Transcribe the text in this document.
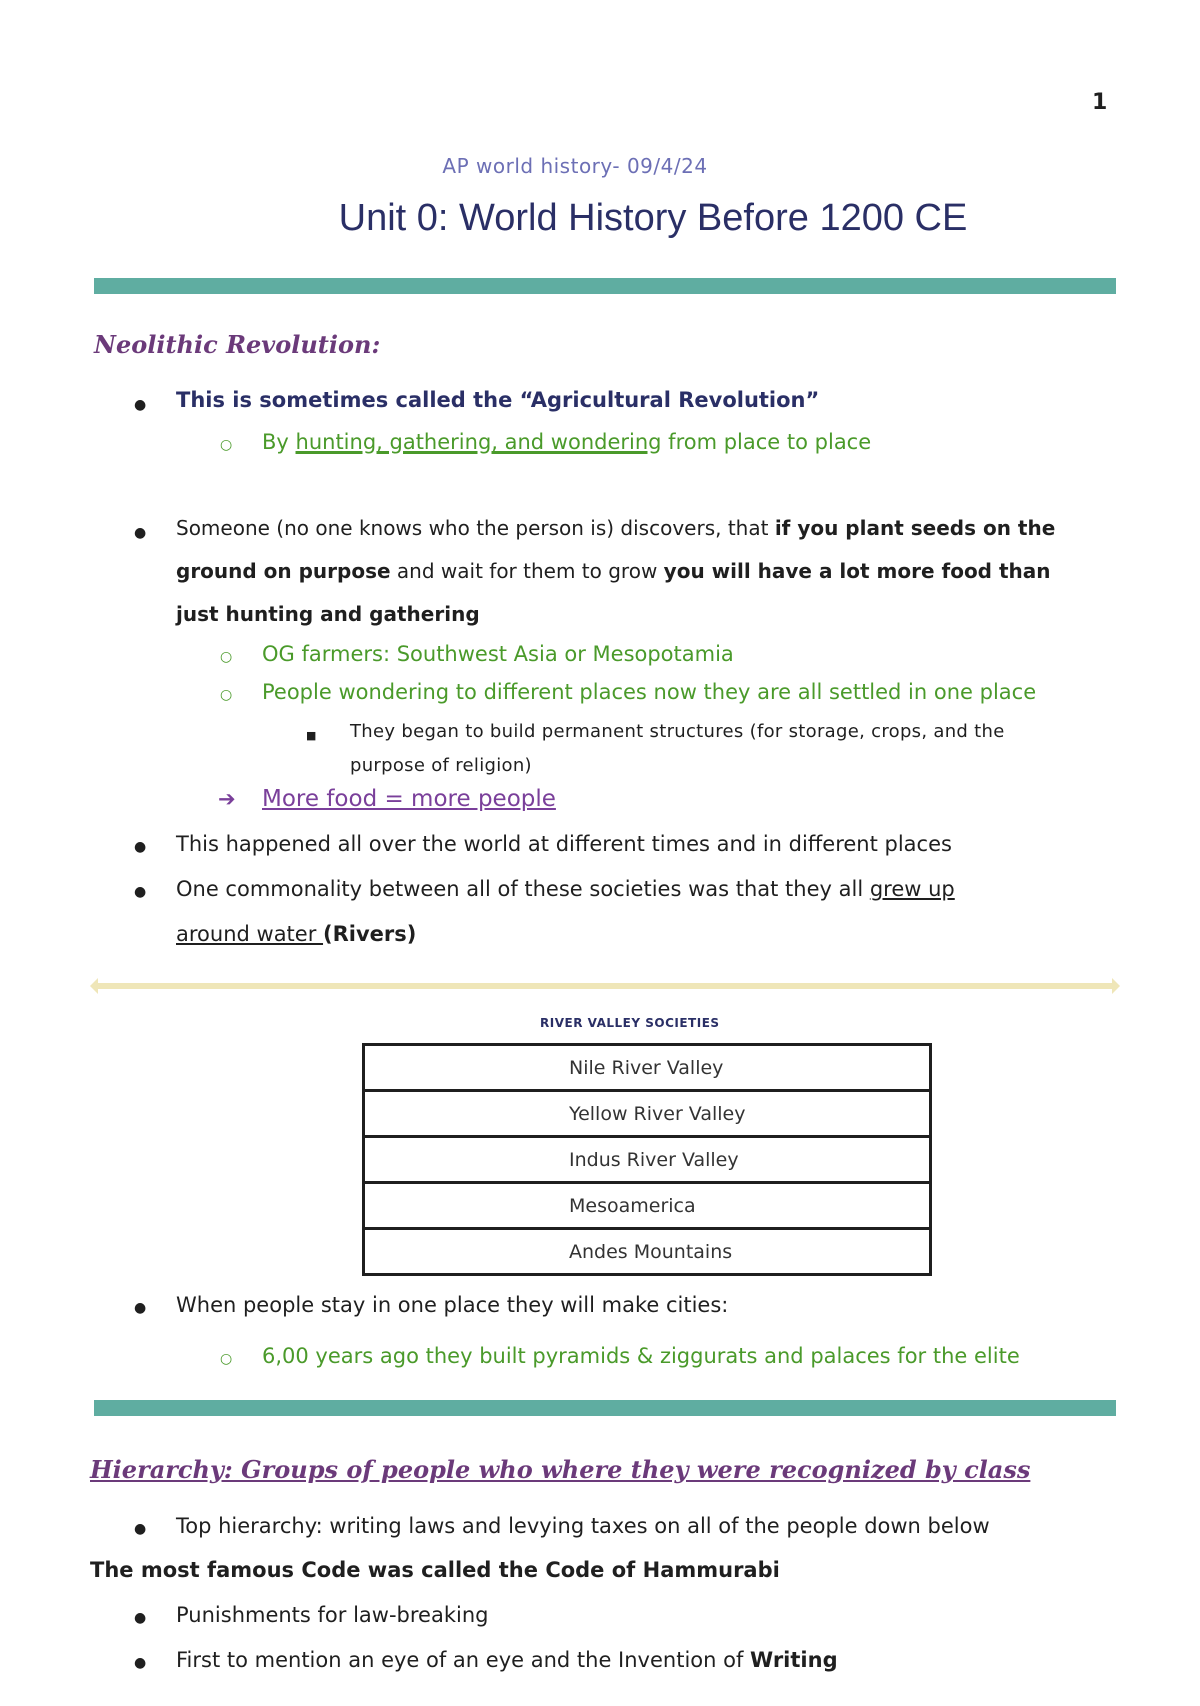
1
AP world history- 09/4/24
Unit 0: World History Before 1200 CE
Neolithic Revolution:
● This is sometimes called the “Agricultural Revolution”
○ By hunting, gathering, and wondering from place to place
● Someone (no one knows who the person is) discovers, that if you plant seeds on the
ground on purpose and wait for them to grow you will have a lot more food than
just hunting and gathering
○ OG farmers: Southwest Asia or Mesopotamia
○ People wondering to different places now they are all settled in one place
■ They began to build permanent structures (for storage, crops, and the
purpose of religion)
➔ More food = more people
● This happened all over the world at different times and in different places
● One commonality between all of these societies was that they all grew up
around water (Rivers)
RIVER VALLEY SOCIETIES
Nile River Valley
Yellow River Valley
Indus River Valley
Mesoamerica
Andes Mountains
● When people stay in one place they will make cities:
○ 6,00 years ago they built pyramids & ziggurats and palaces for the elite
Hierarchy: Groups of people who where they were recognized by class
● Top hierarchy: writing laws and levying taxes on all of the people down below
The most famous Code was called the Code of Hammurabi
● Punishments for law-breaking
● First to mention an eye of an eye and the Invention of Writing
